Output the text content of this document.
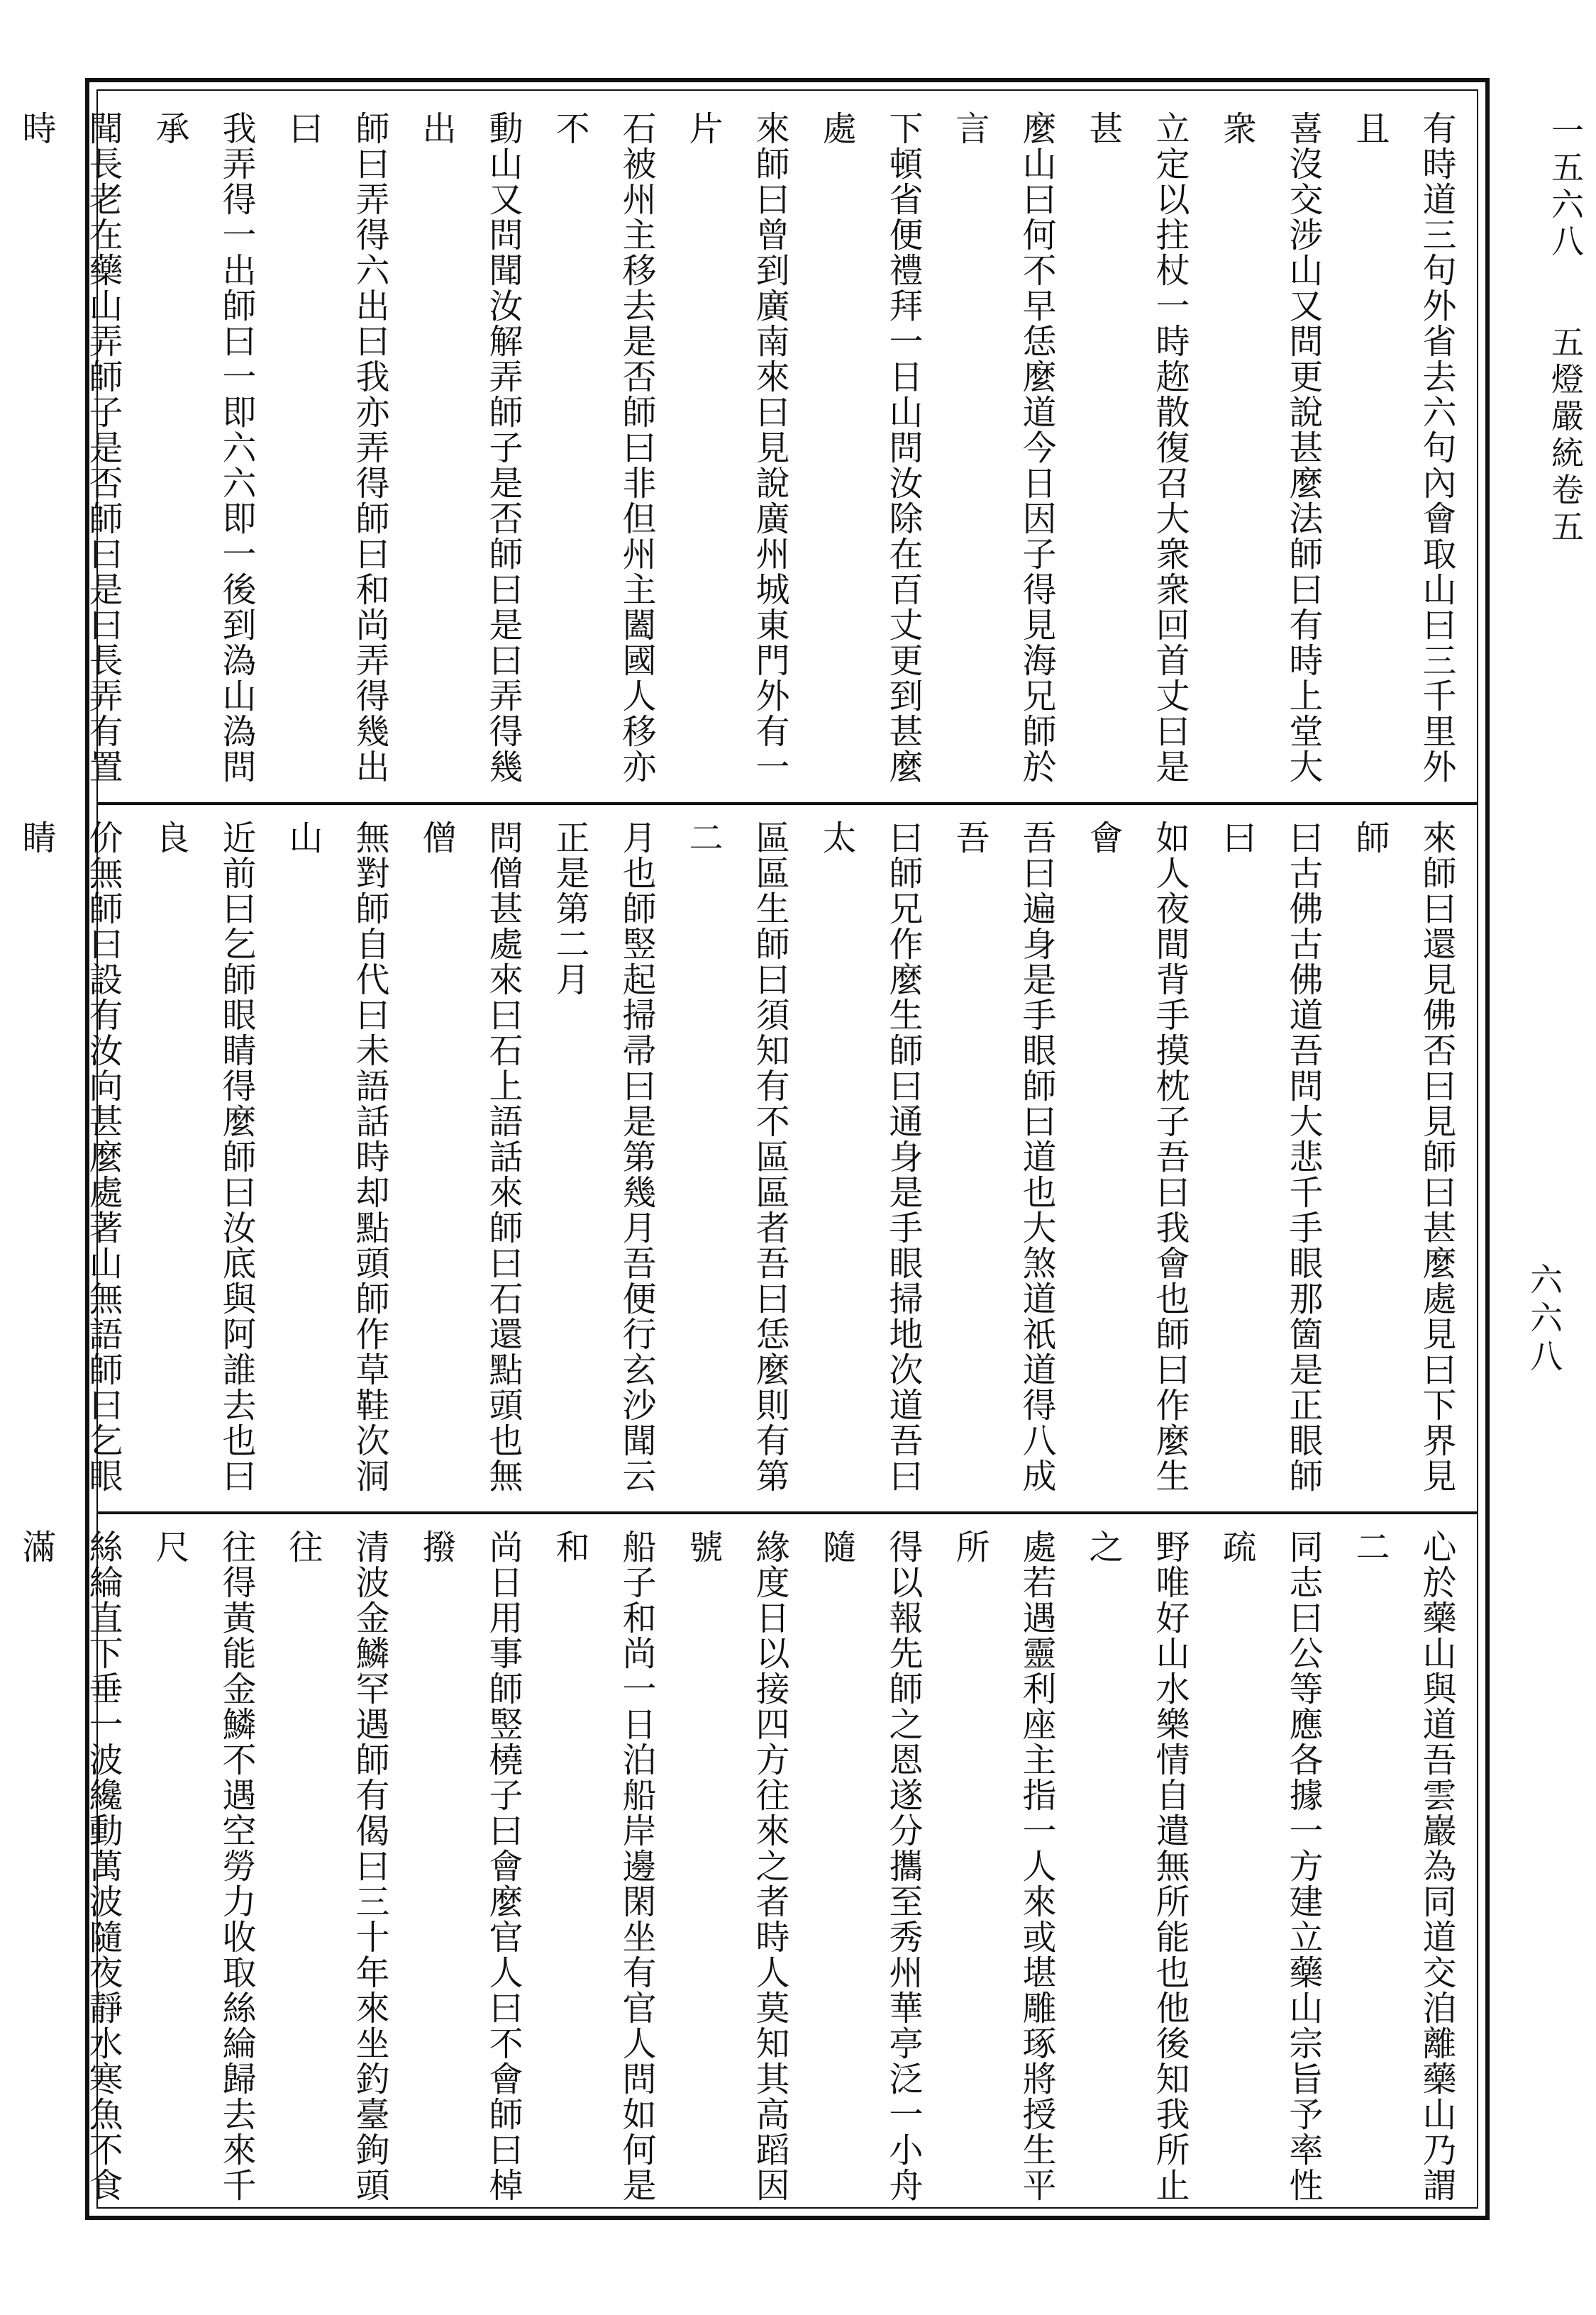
一五六八 五燈嚴統卷五
有時道三句外省去六句內會取山曰三千里外且
喜沒交涉山又問更說甚麼法師曰有時上堂大衆
立定以拄杖一時趂散復召大衆衆回首丈曰是甚
麼山曰何不早恁麼道今日因子得見海兄師於言
下頓省便禮拜一日山問汝除在百丈更到甚麼處
來師曰曾到廣南來曰見說廣州城東門外有一片
石被州主移去是否師曰非但州主闔國人移亦不
動山又問聞汝解弄師子是否師曰是曰弄得幾出
師曰弄得六出曰我亦弄得師曰和尚弄得幾出曰
我弄得一出師曰一即六六即一後到溈山溈問承
聞長老在藥山弄師子是否師曰是曰長弄有置時

來師曰還見佛否曰見師曰甚麼處見曰下界見師
曰古佛古佛道吾問大悲千手眼那箇是正眼師曰
如人夜間背手摸枕子吾曰我會也師曰作麼生會
吾曰遍身是手眼師曰道也大煞道祇道得八成吾
曰師兄作麼生師曰通身是手眼掃地次道吾曰太
區區生師曰須知有不區區者吾曰恁麼則有第二
月也師竪起掃帚曰是第幾月吾便行玄沙聞云正是第二月
問僧甚處來曰石上語話來師曰石還點頭也無僧
無對師自代曰未語話時却點頭師作草鞋次洞山
近前曰乞師眼睛得麼師曰汝底與阿誰去也曰良
价無師曰設有汝向甚麼處著山無語師曰乞眼睛

心於藥山與道吾雲巖為同道交洎離藥山乃謂二
同志曰公等應各據一方建立藥山宗旨予率性疏
野唯好山水樂情自遣無所能也他後知我所止之
處若遇靈利座主指一人來或堪雕琢將授生平所
得以報先師之恩遂分攜至秀州華亭泛一小舟隨
緣度日以接四方往來之者時人莫知其高蹈因號
船子和尚一日泊船岸邊閑坐有官人問如何是和
尚日用事師竪橈子曰會麼官人曰不會師曰棹撥
清波金鱗罕遇師有偈曰三十年來坐釣臺鉤頭往
往得黃能金鱗不遇空勞力收取絲綸歸去來千尺
絲綸直下垂一波纔動萬波隨夜靜水寒魚不食滿

六六八
